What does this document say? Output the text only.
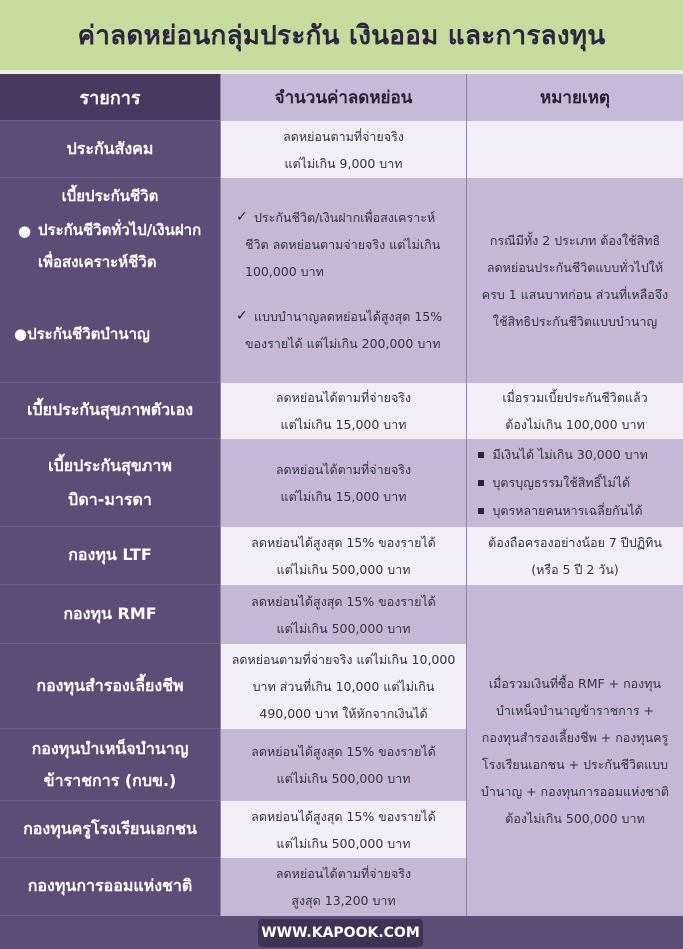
ค่าลดหย่อนกลุ่มประกัน เงินออม และการลงทุน
รายการ	จำนวนค่าลดหย่อน	หมายเหตุ
ประกันสังคม
ลดหย่อนตามที่จ่ายจริง
แต่ไม่เกิน 9,000 บาท
เบี้ยประกันชีวิต
● ประกันชีวิตทั่วไป/เงินฝาก
เพื่อสงเคราะห์ชีวิต
●ประกันชีวิตบำนาญ
✓ ประกันชีวิต/เงินฝากเพื่อสงเคราะห์
ชีวิต ลดหย่อนตามจ่ายจริง แต่ไม่เกิน
100,000 บาท
✓ แบบบำนาญลดหย่อนได้สูงสุด 15%
ของรายได้ แต่ไม่เกิน 200,000 บาท
กรณีมีทั้ง 2 ประเภท ต้องใช้สิทธิ
ลดหย่อนประกันชีวิตแบบทั่วไปให้
ครบ 1 แสนบาทก่อน ส่วนที่เหลือจึง
ใช้สิทธิประกันชีวิตแบบบำนาญ
เบี้ยประกันสุขภาพตัวเอง
ลดหย่อนได้ตามที่จ่ายจริง
แต่ไม่เกิน 15,000 บาท
เมื่อรวมเบี้ยประกันชีวิตแล้ว
ต้องไม่เกิน 100,000 บาท
เบี้ยประกันสุขภาพ
บิดา-มารดา
ลดหย่อนได้ตามที่จ่ายจริง
แต่ไม่เกิน 15,000 บาท
มีเงินได้ ไม่เกิน 30,000 บาท
บุตรบุญธรรมใช้สิทธิ์ไม่ได้
บุตรหลายคนหารเฉลี่ยกันได้
กองทุน LTF
ลดหย่อนได้สูงสุด 15% ของรายได้
แต่ไม่เกิน 500,000 บาท
ต้องถือครองอย่างน้อย 7 ปีปฏิทิน
(หรือ 5 ปี 2 วัน)
กองทุน RMF
ลดหย่อนได้สูงสุด 15% ของรายได้
แต่ไม่เกิน 500,000 บาท
กองทุนสำรองเลี้ยงชีพ
ลดหย่อนตามที่จ่ายจริง แต่ไม่เกิน 10,000
บาท ส่วนที่เกิน 10,000 แต่ไม่เกิน
490,000 บาท ให้หักจากเงินได้
กองทุนบำเหน็จบำนาญ
ข้าราชการ (กบข.)
ลดหย่อนได้สูงสุด 15% ของรายได้
แต่ไม่เกิน 500,000 บาท
กองทุนครูโรงเรียนเอกชน
ลดหย่อนได้สูงสุด 15% ของรายได้
แต่ไม่เกิน 500,000 บาท
กองทุนการออมแห่งชาติ
ลดหย่อนได้ตามที่จ่ายจริง
สูงสุด 13,200 บาท
เมื่อรวมเงินที่ซื้อ RMF + กองทุน
บำเหน็จบำนาญข้าราชการ +
กองทุนสำรองเลี้ยงชีพ + กองทุนครู
โรงเรียนเอกชน + ประกันชีวิตแบบ
บำนาญ + กองทุนการออมแห่งชาติ
ต้องไม่เกิน 500,000 บาท
WWW.KAPOOK.COM
